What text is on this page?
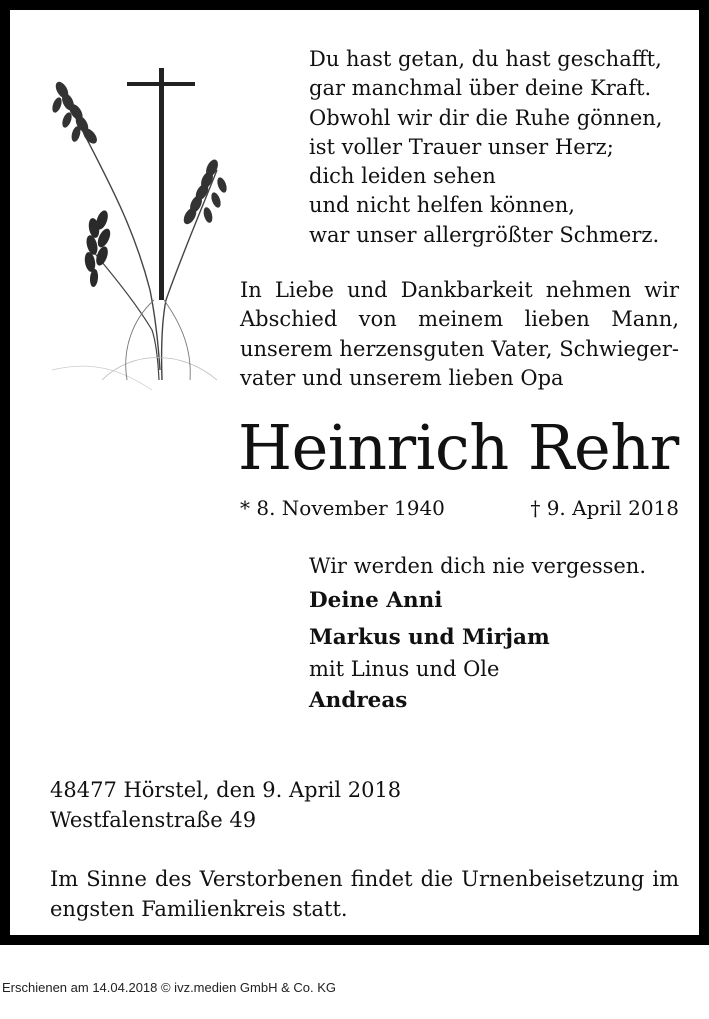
Du hast getan, du hast geschafft,
gar manchmal über deine Kraft.
Obwohl wir dir die Ruhe gönnen,
ist voller Trauer unser Herz;
dich leiden sehen
und nicht helfen können,
war unser allergrößter Schmerz.
In Liebe und Dankbarkeit nehmen wir
Abschied von meinem lieben Mann,
unserem herzensguten Vater, Schwieger-
vater und unserem lieben Opa
Heinrich Rehr
* 8. November 1940	† 9. April 2018
Wir werden dich nie vergessen.
Deine Anni
Markus und Mirjam
mit Linus und Ole
Andreas
48477 Hörstel, den 9. April 2018
Westfalenstraße 49
Im Sinne des Verstorbenen findet die Urnenbeisetzung im
engsten Familienkreis statt.
Erschienen am 14.04.2018 © ivz.medien GmbH & Co. KG
